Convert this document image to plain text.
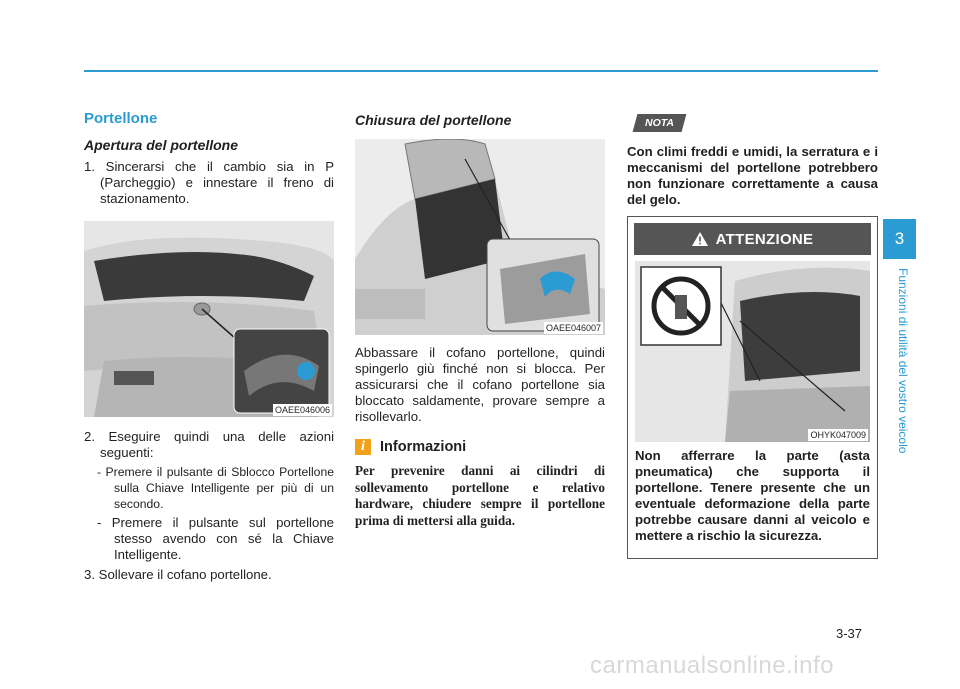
Portellone
Apertura del portellone

1. Sincerarsi che il cambio sia in P (Parcheggio) e innestare il freno di stazionamento.

OAEE046006

2. Eseguire quindi una delle azioni seguenti:

- Premere il pulsante di Sblocco Portellone sulla Chiave Intelligente per più di un secondo.

- Premere il pulsante sul portellone stesso avendo con sé la Chiave Intelligente.

3. Sollevare il cofano portellone.

Chiusura del portellone
OAEE046007

Abbassare il cofano portellone, quindi spingerlo giù finché non si blocca. Per assicurarsi che il cofano portellone sia bloccato saldamente, provare sempre a risollevarlo.

i	Informazioni

Per prevenire danni ai cilindri di sollevamento portellone e relativo hardware, chiudere sempre il portellone prima di mettersi alla guida.

NOTA

Con climi freddi e umidi, la serratura e i meccanismi del portellone potrebbero non funzionare correttamente a causa del gelo.

ATTENZIONE
OHYK047009

Non afferrare la parte (asta pneumatica) che supporta il portellone. Tenere presente che un eventuale deformazione della parte potrebbe causare danni al veicolo e mettere a rischio la sicurezza.

3
Funzioni di utilità del vostro veicolo
3-37
carmanualsonline.info
